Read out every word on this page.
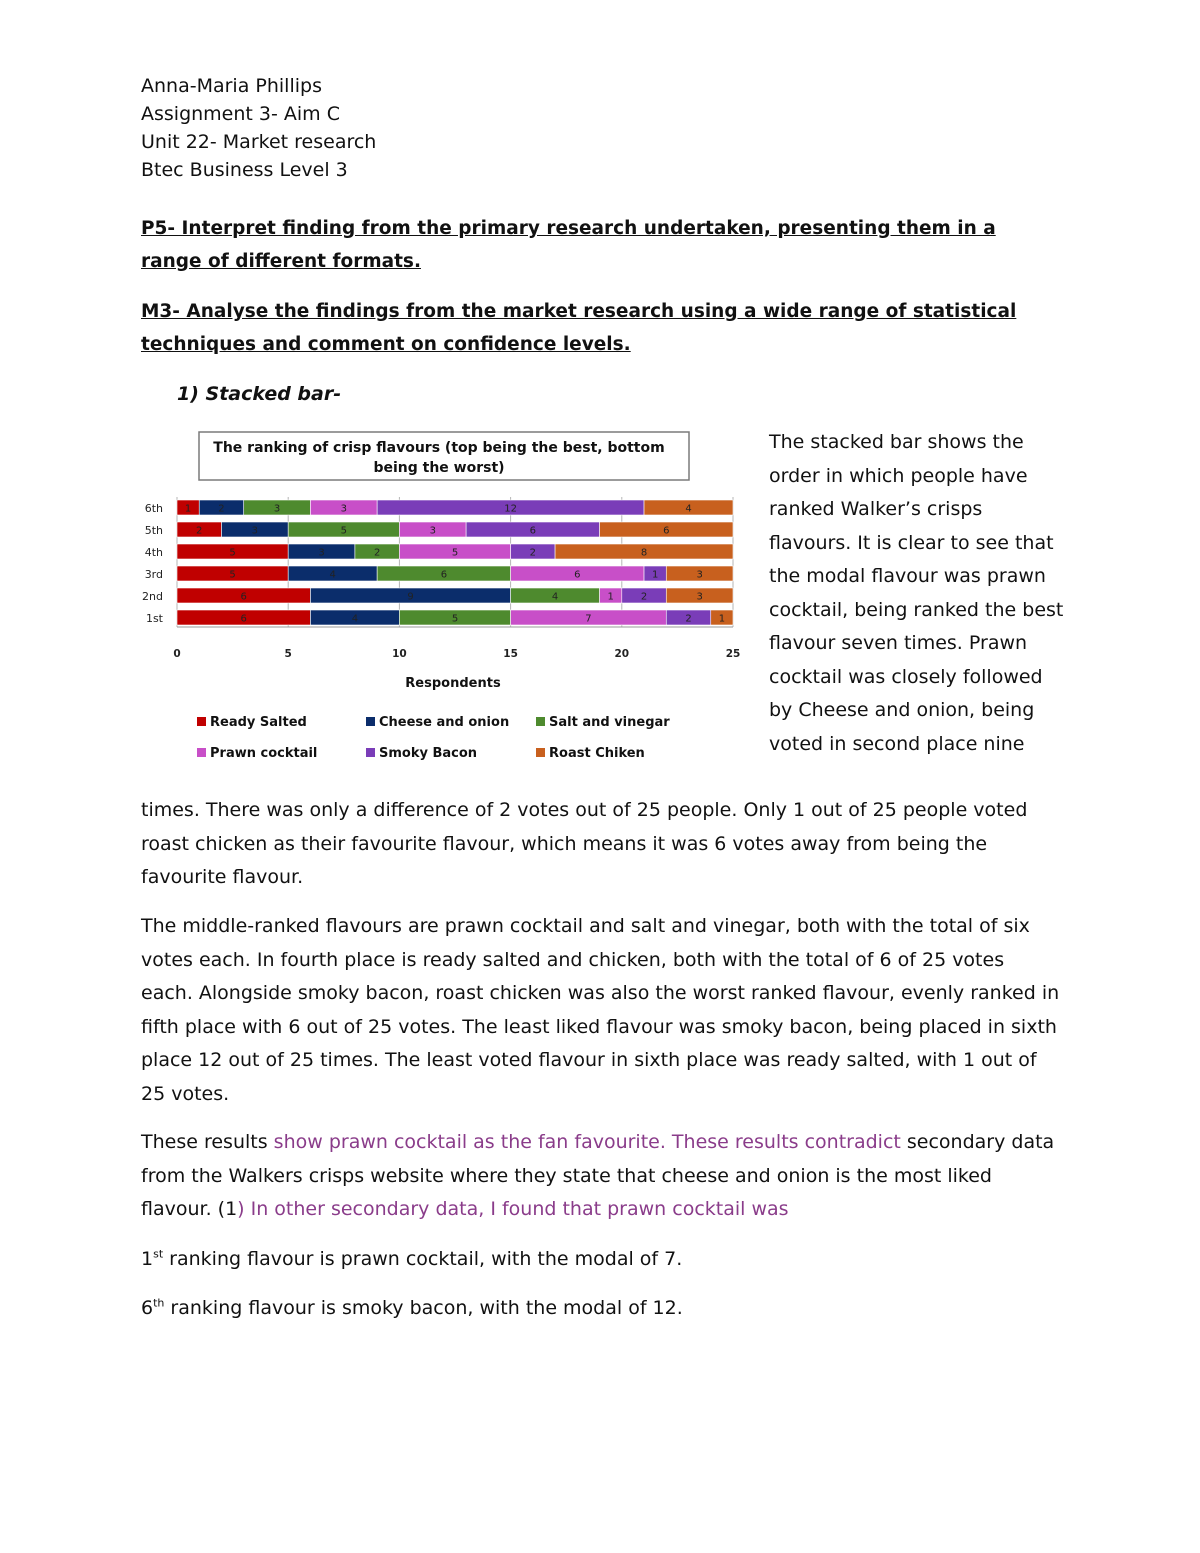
Anna-Maria Phillips
Assignment 3- Aim C
Unit 22- Market research
Btec Business Level 3
P5- Interpret finding from the primary research undertaken, presenting them in a range of different formats.
M3- Analyse the findings from the market research using a wide range of statistical techniques and comment on confidence levels.
1) Stacked bar-
The ranking of crisp flavours (top being the best, bottom
being the worst)
6th 1	2	3	3	12	4
5th	2	3	5	3	6	6
4th	5	3	2	5	2	8
3rd	5	4	6	6	1	3
2nd	6	9	4	1	2	3
1st	6	4	5	7	2	1
0	5	10	15	20	25
Respondents
Ready Salted	Cheese and onion	Salt and vinegar
Prawn cocktail	Smoky Bacon	Roast Chiken
The stacked bar shows the order in which people have ranked Walker’s crisps flavours. It is clear to see that the modal flavour was prawn cocktail, being ranked the best flavour seven times. Prawn cocktail was closely followed by Cheese and onion, being voted in second place nine
times. There was only a difference of 2 votes out of 25 people. Only 1 out of 25 people voted roast chicken as their favourite flavour, which means it was 6 votes away from being the favourite flavour.
The middle-ranked flavours are prawn cocktail and salt and vinegar, both with the total of six votes each. In fourth place is ready salted and chicken, both with the total of 6 of 25 votes each. Alongside smoky bacon, roast chicken was also the worst ranked flavour, evenly ranked in fifth place with 6 out of 25 votes. The least liked flavour was smoky bacon, being placed in sixth place 12 out of 25 times. The least voted flavour in sixth place was ready salted, with 1 out of 25 votes.
These results show prawn cocktail as the fan favourite. These results contradict secondary data from the Walkers crisps website where they state that cheese and onion is the most liked flavour. (1) In other secondary data, I found that prawn cocktail was
1st ranking flavour is prawn cocktail, with the modal of 7.
6th ranking flavour is smoky bacon, with the modal of 12.
